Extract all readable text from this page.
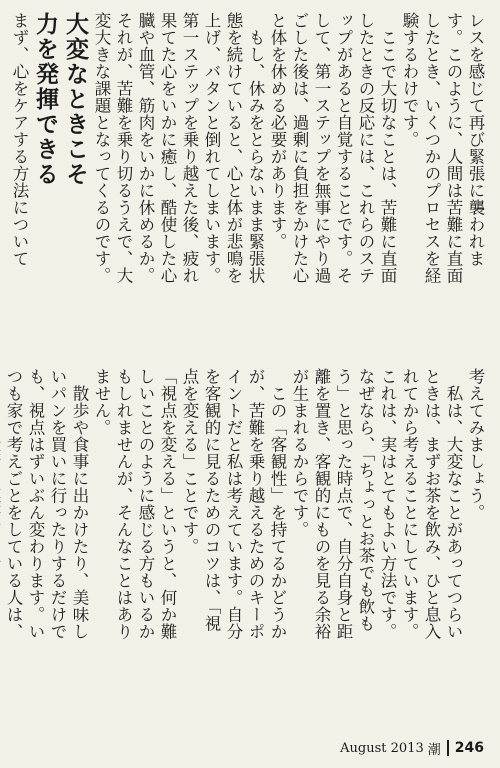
レスを感じて再び緊張に襲われま
す。このように、人間は苦難に直面
したとき、いくつかのプロセスを経
験するわけです。
　ここで大切なことは、苦難に直面
したときの反応には、これらのステ
ップがあると自覚することです。そ
して、第一ステップを無事にやり過
ごした後は、過剰に負担をかけた心
と体を休める必要があります。
　もし、休みをとらないまま緊張状
態を続けていると、心と体が悲鳴を
上げ、バタンと倒れてしまいます。
第一ステップを乗り越えた後、疲れ
果てた心をいかに癒し、酷使した心
臓や血管、筋肉をいかに休めるか。
それが、苦難を乗り切るうえで、大
変大きな課題となってくるのです。
大変なときこそ
力を発揮できる
まず、心をケアする方法について
考えてみましょう。
　私は、大変なことがあってつらい
ときは、まずお茶を飲み、ひと息入
れてから考えることにしています。
これは、実はとてもよい方法です。
なぜなら、「ちょっとお茶でも飲も
う」と思った時点で、自分自身と距
離を置き、客観的にものを見る余裕
が生まれるからです。
　この「客観性」を持てるかどうか
が、苦難を乗り越えるためのキーポ
イントだと私は考えています。自分
を客観的に見るためのコツは、「視
点を変える」ことです。
「視点を変える」というと、何か難
しいことのように感じる方もいるか
もしれませんが、そんなことはあり
ません。
　散歩や食事に出かけたり、美味し
いパンを買いに行ったりするだけで
も、視点はずいぶん変わります。い
つも家で考えごとをしている人は、
August 2013 潮 246
